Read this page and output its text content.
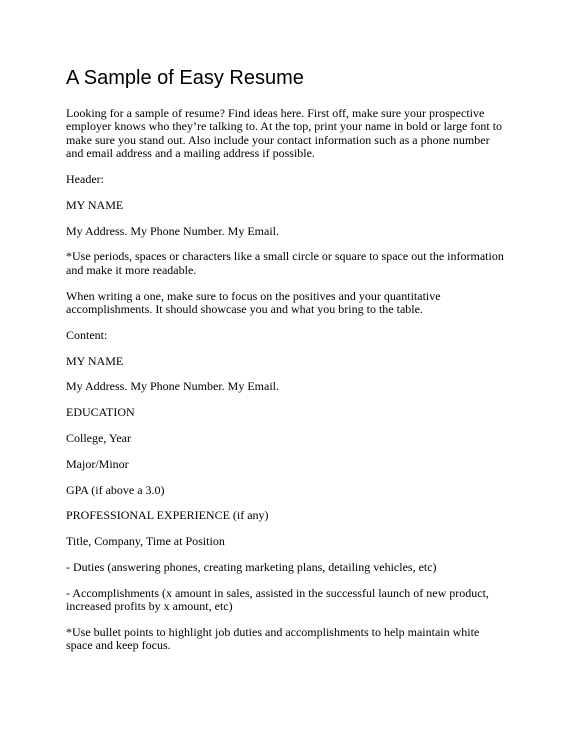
A Sample of Easy Resume

Looking for a sample of resume? Find ideas here. First off, make sure your prospective employer knows who they’re talking to. At the top, print your name in bold or large font to make sure you stand out. Also include your contact information such as a phone number and email address and a mailing address if possible.

Header:

MY NAME

My Address. My Phone Number. My Email.

*Use periods, spaces or characters like a small circle or square to space out the information and make it more readable.

When writing a one, make sure to focus on the positives and your quantitative accomplishments. It should showcase you and what you bring to the table.

Content:

MY NAME

My Address. My Phone Number. My Email.

EDUCATION

College, Year

Major/Minor

GPA (if above a 3.0)

PROFESSIONAL EXPERIENCE (if any)

Title, Company, Time at Position

- Duties (answering phones, creating marketing plans, detailing vehicles, etc)

- Accomplishments (x amount in sales, assisted in the successful launch of new product, increased profits by x amount, etc)

*Use bullet points to highlight job duties and accomplishments to help maintain white space and keep focus.
